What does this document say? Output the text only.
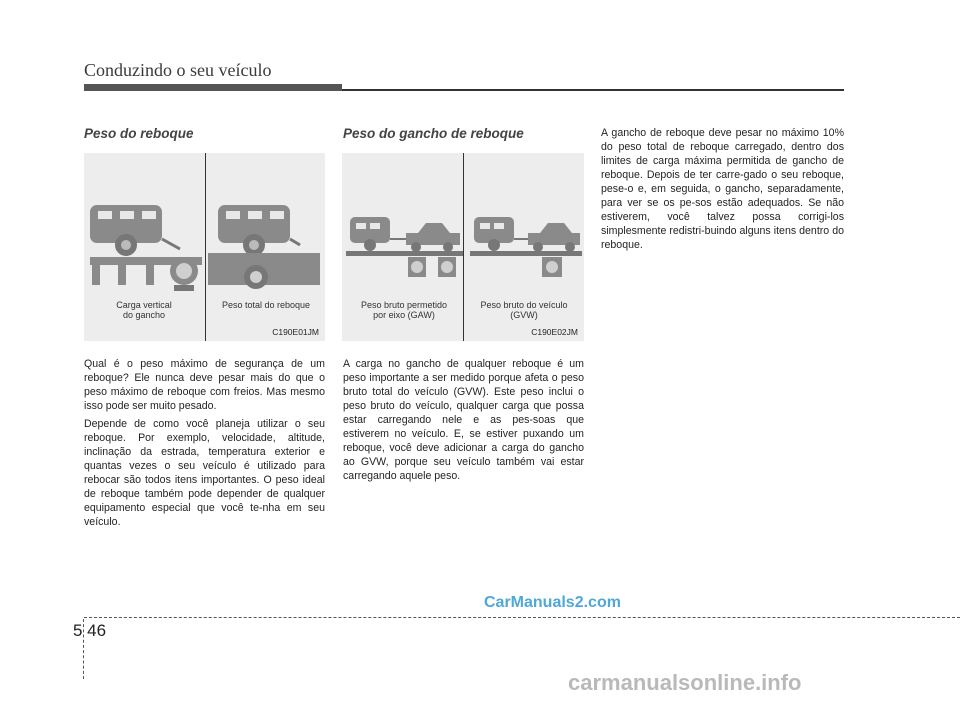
Conduzindo o seu veículo
Peso do reboque
Carga vertical
do gancho
Peso total do reboque
C190E01JM

Qual é o peso máximo de segurança de um reboque? Ele nunca deve pesar mais do que o peso máximo de reboque com freios. Mas mesmo isso pode ser muito pesado.

Depende de como você planeja utilizar o seu reboque. Por exemplo, velocidade, altitude, inclinação da estrada, temperatura exterior e quantas vezes o seu veículo é utilizado para rebocar são todos itens importantes. O peso ideal de reboque também pode depender de qualquer equipamento especial que você te-nha em seu veículo.

Peso do gancho de reboque
Peso bruto permetido
por eixo (GAW)
Peso bruto do veículo
(GVW)
C190E02JM

A carga no gancho de qualquer reboque é um peso importante a ser medido porque afeta o peso bruto total do veículo (GVW). Este peso inclui o peso bruto do veículo, qualquer carga que possa estar carregando nele e as pes-soas que estiverem no veículo. E, se estiver puxando um reboque, você deve adicionar a carga do gancho ao GVW, porque seu veículo também vai estar carregando aquele peso.

A gancho de reboque deve pesar no máximo 10% do peso total de reboque carregado, dentro dos limites de carga máxima permitida de gancho de reboque. Depois de ter carre-gado o seu reboque, pese-o e, em seguida, o gancho, separadamente, para ver se os pe-sos estão adequados. Se não estiverem, você talvez possa corrigi-los simplesmente redistri-buindo alguns itens dentro do reboque.

5 46
CarManuals2.com
carmanualsonline.info
